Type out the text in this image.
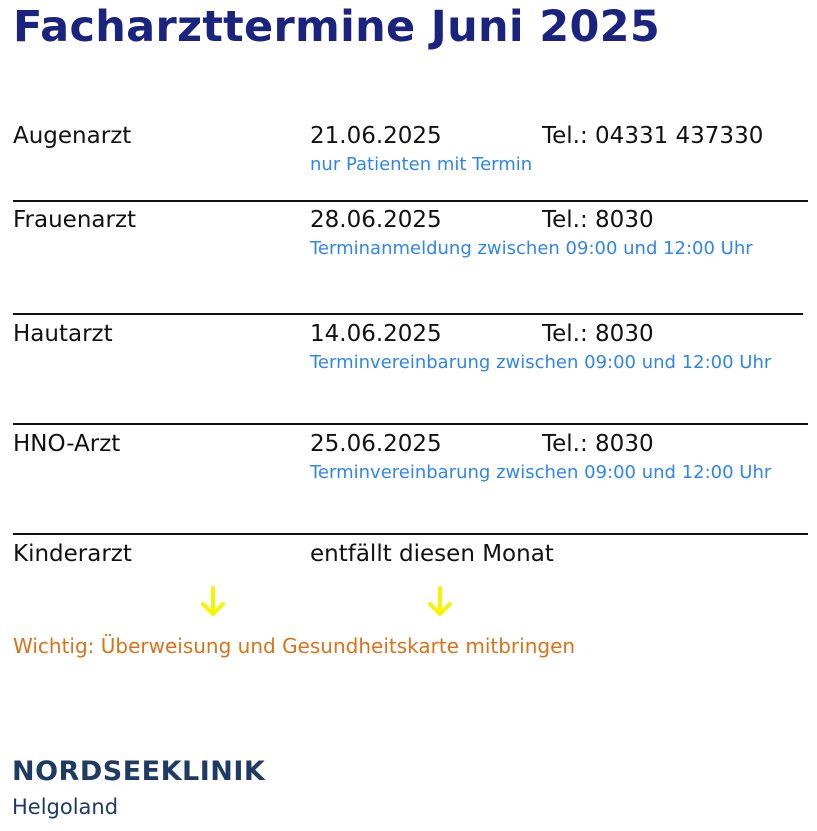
Facharzttermine Juni 2025
Augenarzt	21.06.2025	Tel.: 04331 437330
nur Patienten mit Termin
Frauenarzt	28.06.2025	Tel.: 8030
Terminanmeldung zwischen 09:00 und 12:00 Uhr
Hautarzt	14.06.2025	Tel.: 8030
Terminvereinbarung zwischen 09:00 und 12:00 Uhr
HNO-Arzt	25.06.2025	Tel.: 8030
Terminvereinbarung zwischen 09:00 und 12:00 Uhr
Kinderarzt	entfällt diesen Monat
Wichtig: Überweisung und Gesundheitskarte mitbringen
NORDSEEKLINIK
Helgoland
